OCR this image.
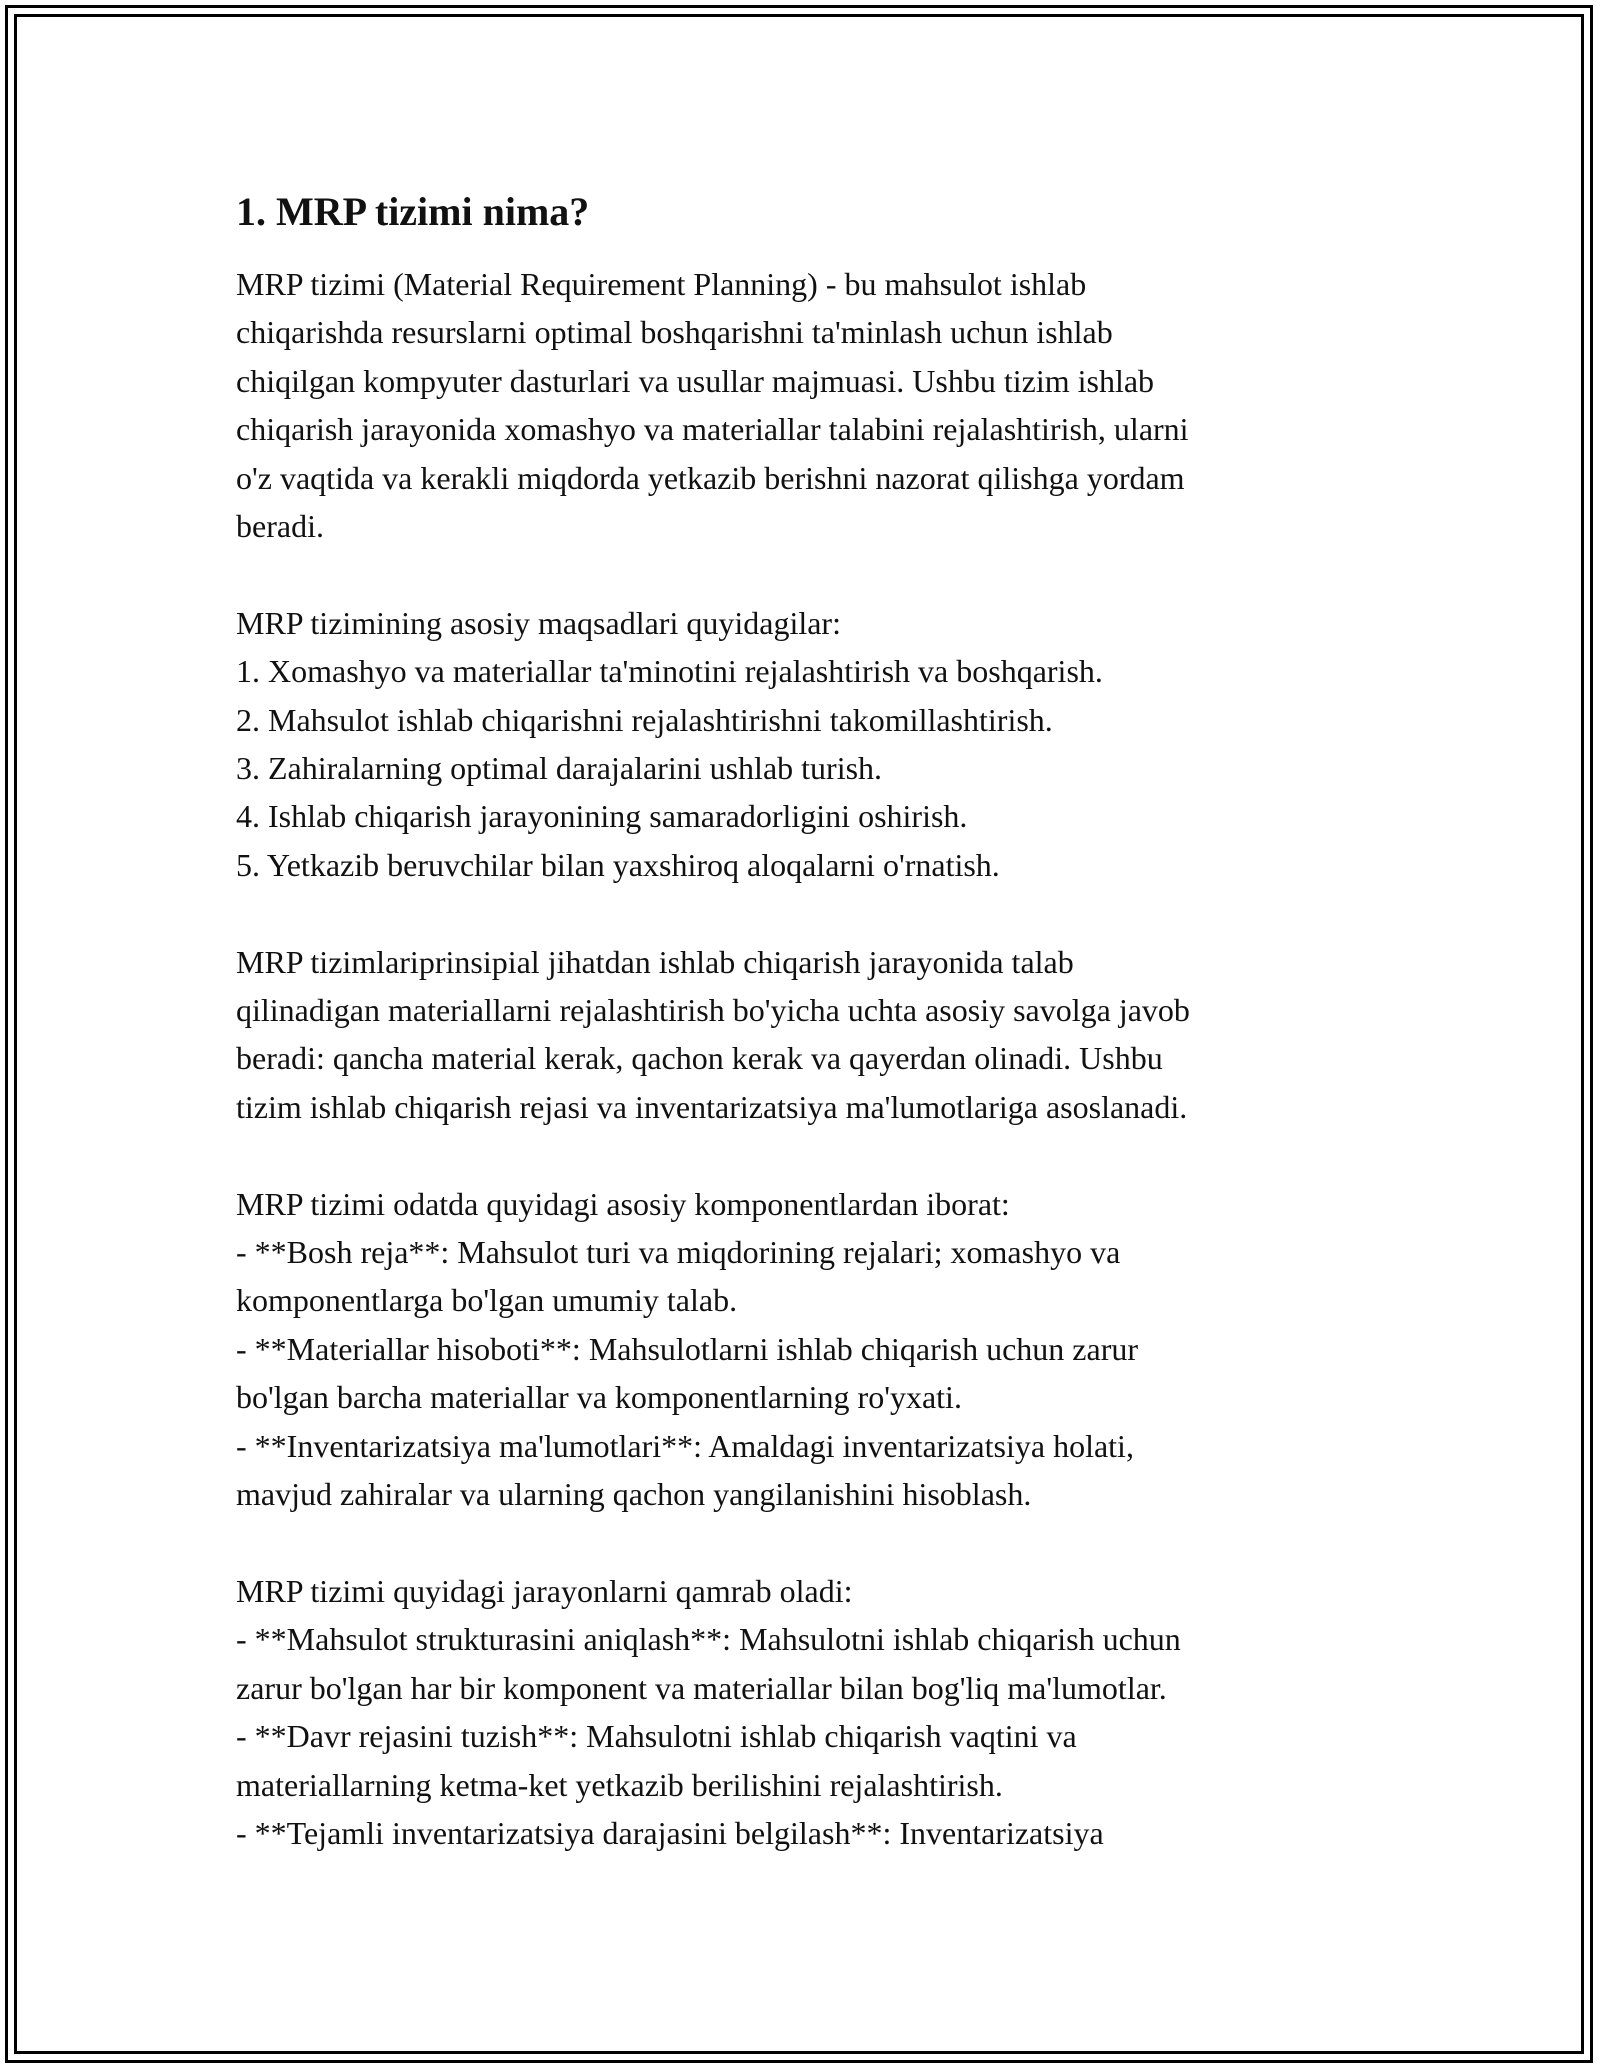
1. MRP tizimi nima?
MRP tizimi (Material Requirement Planning) - bu mahsulot ishlab
chiqarishda resurslarni optimal boshqarishni ta'minlash uchun ishlab
chiqilgan kompyuter dasturlari va usullar majmuasi. Ushbu tizim ishlab
chiqarish jarayonida xomashyo va materiallar talabini rejalashtirish, ularni
o'z vaqtida va kerakli miqdorda yetkazib berishni nazorat qilishga yordam
beradi.
MRP tizimining asosiy maqsadlari quyidagilar:
1. Xomashyo va materiallar ta'minotini rejalashtirish va boshqarish.
2. Mahsulot ishlab chiqarishni rejalashtirishni takomillashtirish.
3. Zahiralarning optimal darajalarini ushlab turish.
4. Ishlab chiqarish jarayonining samaradorligini oshirish.
5. Yetkazib beruvchilar bilan yaxshiroq aloqalarni o'rnatish.
MRP tizimlariprinsipial jihatdan ishlab chiqarish jarayonida talab
qilinadigan materiallarni rejalashtirish bo'yicha uchta asosiy savolga javob
beradi: qancha material kerak, qachon kerak va qayerdan olinadi. Ushbu
tizim ishlab chiqarish rejasi va inventarizatsiya ma'lumotlariga asoslanadi.
MRP tizimi odatda quyidagi asosiy komponentlardan iborat:
- **Bosh reja**: Mahsulot turi va miqdorining rejalari; xomashyo va
komponentlarga bo'lgan umumiy talab.
- **Materiallar hisoboti**: Mahsulotlarni ishlab chiqarish uchun zarur
bo'lgan barcha materiallar va komponentlarning ro'yxati.
- **Inventarizatsiya ma'lumotlari**: Amaldagi inventarizatsiya holati,
mavjud zahiralar va ularning qachon yangilanishini hisoblash.
MRP tizimi quyidagi jarayonlarni qamrab oladi:
- **Mahsulot strukturasini aniqlash**: Mahsulotni ishlab chiqarish uchun
zarur bo'lgan har bir komponent va materiallar bilan bog'liq ma'lumotlar.
- **Davr rejasini tuzish**: Mahsulotni ishlab chiqarish vaqtini va
materiallarning ketma-ket yetkazib berilishini rejalashtirish.
- **Tejamli inventarizatsiya darajasini belgilash**: Inventarizatsiya
